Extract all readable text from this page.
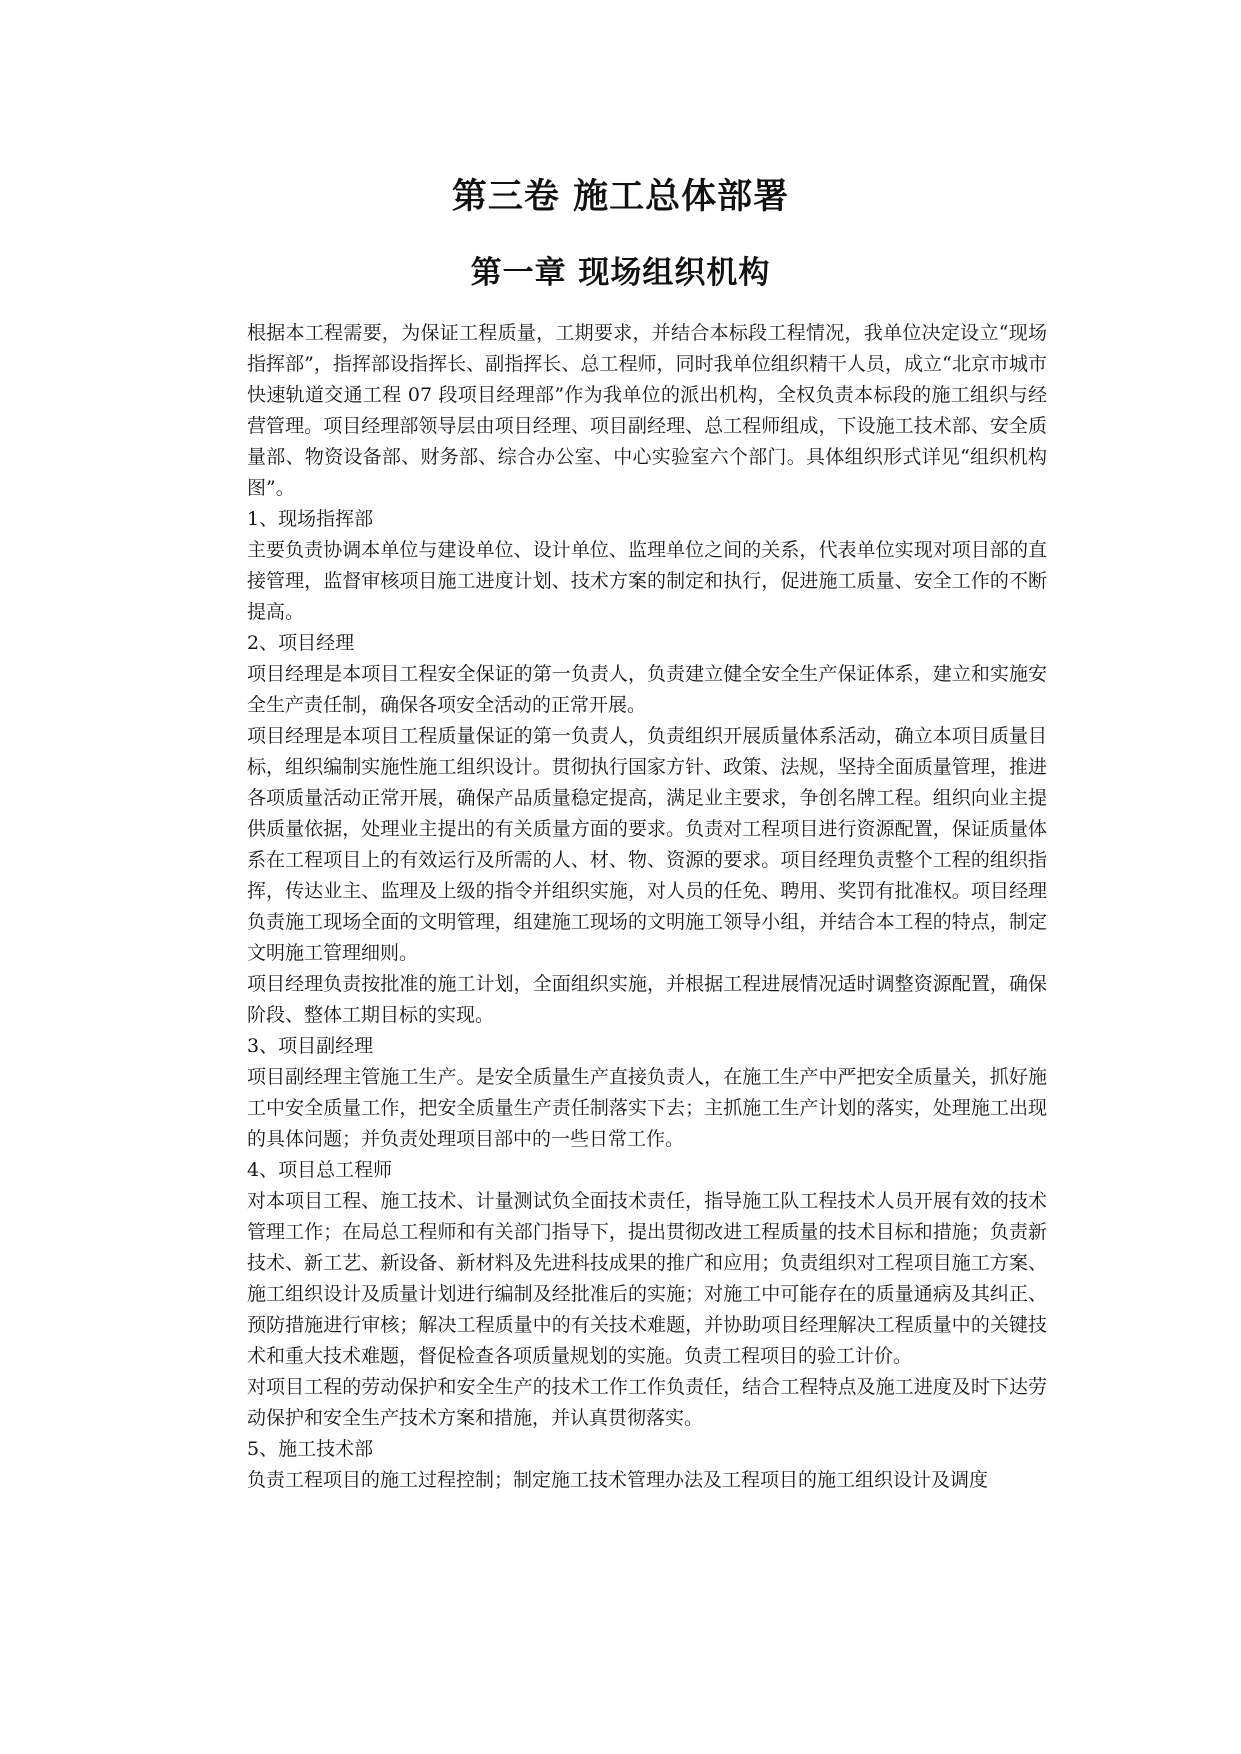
第三卷 施工总体部署
第一章 现场组织机构

根据本工程需要，为保证工程质量，工期要求，并结合本标段工程情况，我单位决定设立“现场指挥部”，指挥部设指挥长、副指挥长、总工程师，同时我单位组织精干人员，成立“北京市城市快速轨道交通工程 07 段项目经理部”作为我单位的派出机构，全权负责本标段的施工组织与经营管理。项目经理部领导层由项目经理、项目副经理、总工程师组成，下设施工技术部、安全质量部、物资设备部、财务部、综合办公室、中心实验室六个部门。具体组织形式详见“组织机构图”。

1、现场指挥部

主要负责协调本单位与建设单位、设计单位、监理单位之间的关系，代表单位实现对项目部的直接管理，监督审核项目施工进度计划、技术方案的制定和执行，促进施工质量、安全工作的不断提高。

2、项目经理

项目经理是本项目工程安全保证的第一负责人，负责建立健全安全生产保证体系，建立和实施安全生产责任制，确保各项安全活动的正常开展。

项目经理是本项目工程质量保证的第一负责人，负责组织开展质量体系活动，确立本项目质量目标，组织编制实施性施工组织设计。贯彻执行国家方针、政策、法规，坚持全面质量管理，推进各项质量活动正常开展，确保产品质量稳定提高，满足业主要求，争创名牌工程。组织向业主提供质量依据，处理业主提出的有关质量方面的要求。负责对工程项目进行资源配置，保证质量体系在工程项目上的有效运行及所需的人、材、物、资源的要求。项目经理负责整个工程的组织指挥，传达业主、监理及上级的指令并组织实施，对人员的任免、聘用、奖罚有批准权。项目经理负责施工现场全面的文明管理，组建施工现场的文明施工领导小组，并结合本工程的特点，制定文明施工管理细则。

项目经理负责按批准的施工计划，全面组织实施，并根据工程进展情况适时调整资源配置，确保阶段、整体工期目标的实现。

3、项目副经理

项目副经理主管施工生产。是安全质量生产直接负责人，在施工生产中严把安全质量关，抓好施工中安全质量工作，把安全质量生产责任制落实下去；主抓施工生产计划的落实，处理施工出现的具体问题；并负责处理项目部中的一些日常工作。

4、项目总工程师

对本项目工程、施工技术、计量测试负全面技术责任，指导施工队工程技术人员开展有效的技术管理工作；在局总工程师和有关部门指导下，提出贯彻改进工程质量的技术目标和措施；负责新技术、新工艺、新设备、新材料及先进科技成果的推广和应用；负责组织对工程项目施工方案、施工组织设计及质量计划进行编制及经批准后的实施；对施工中可能存在的质量通病及其纠正、预防措施进行审核；解决工程质量中的有关技术难题，并协助项目经理解决工程质量中的关键技术和重大技术难题，督促检查各项质量规划的实施。负责工程项目的验工计价。

对项目工程的劳动保护和安全生产的技术工作工作负责任，结合工程特点及施工进度及时下达劳动保护和安全生产技术方案和措施，并认真贯彻落实。

5、施工技术部

负责工程项目的施工过程控制；制定施工技术管理办法及工程项目的施工组织设计及调度
